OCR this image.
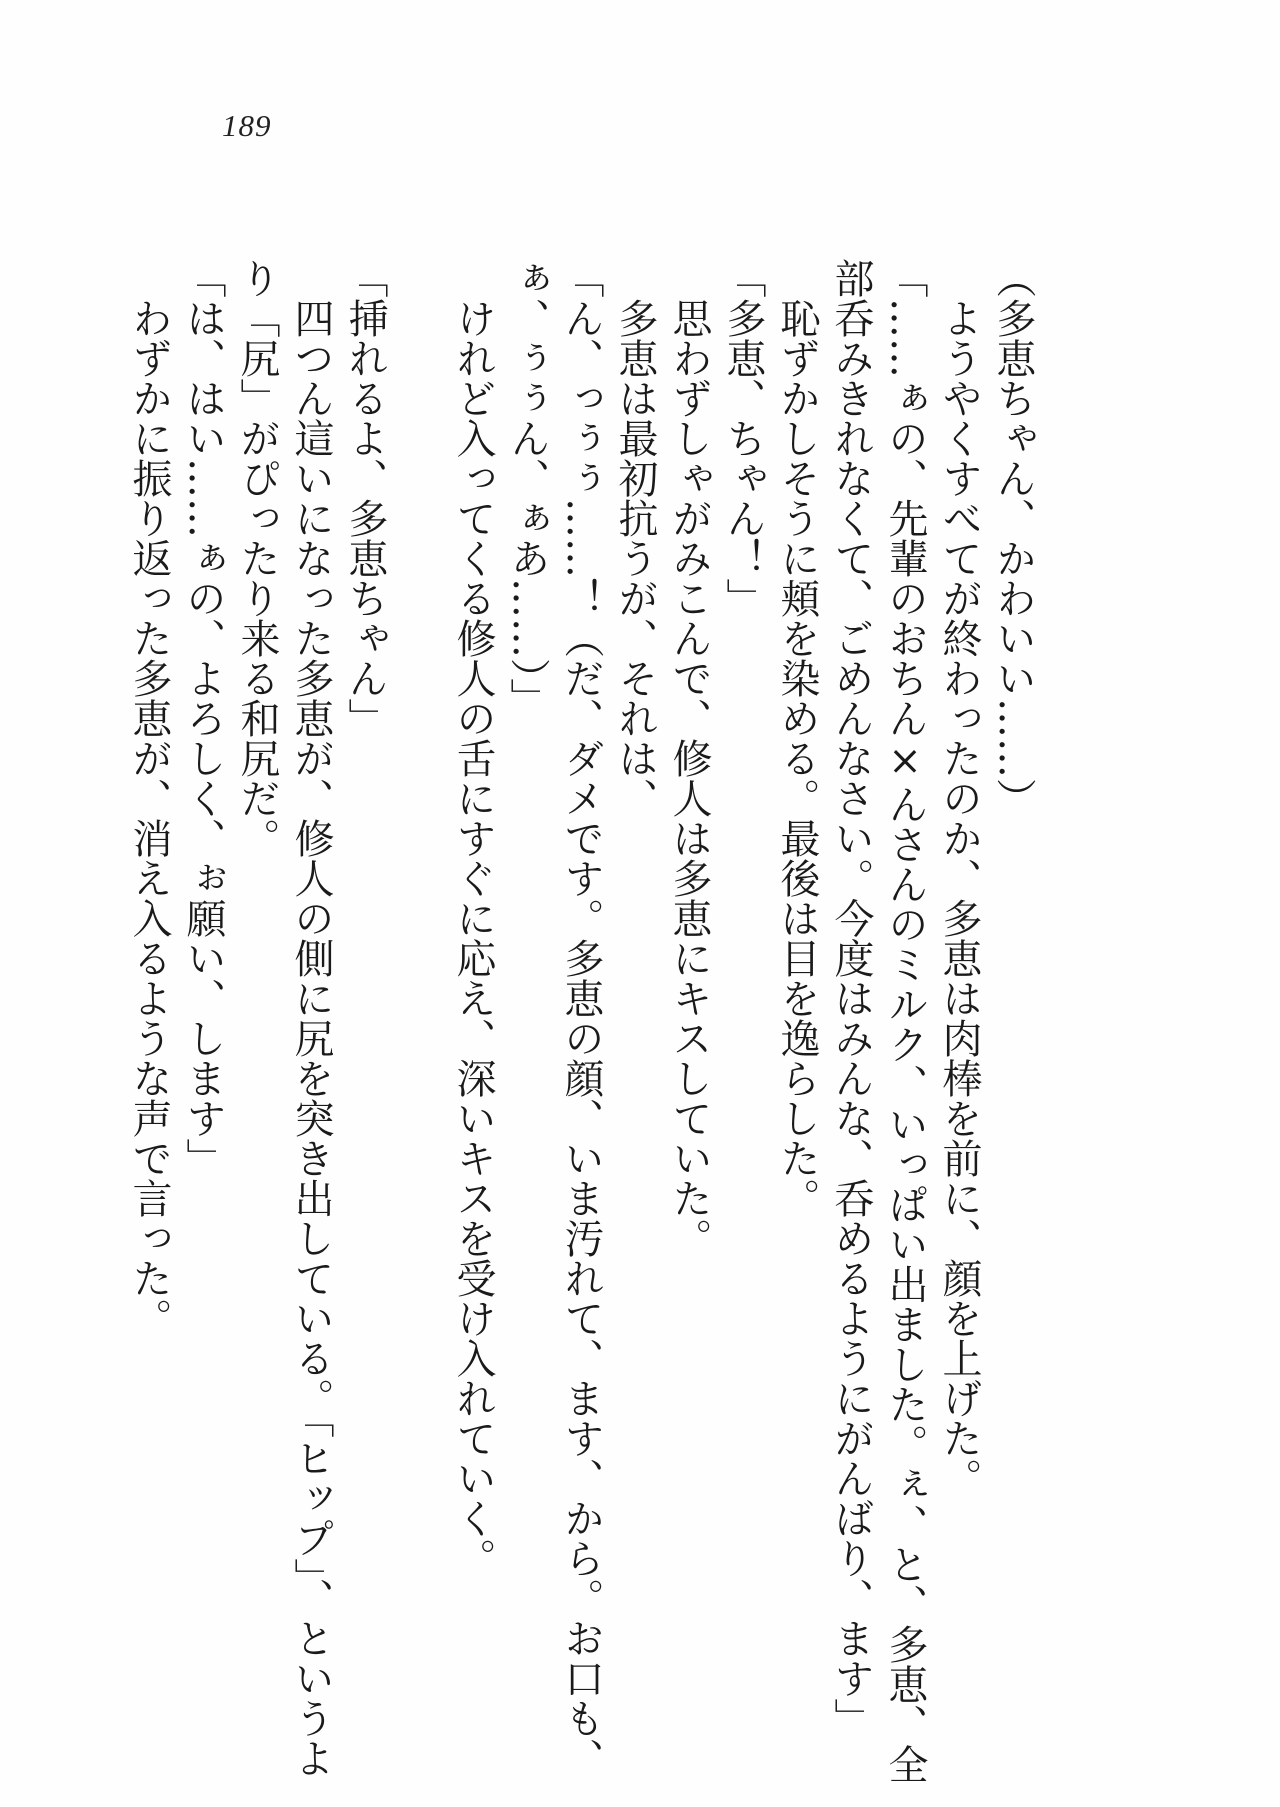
189
（多恵ちゃん、かわいい……）
　ようやくすべてが終わったのか、多恵は肉棒を前に、顔を上げた。
「……ぁの、先輩のおちん×んさんのミルク、いっぱい出ました。ぇ、と、多恵、全
部呑みきれなくて、ごめんなさい。今度はみんな、呑めるようにがんばり、ます」
　恥ずかしそうに頬を染める。最後は目を逸らした。
「多恵、ちゃん！」
　思わずしゃがみこんで、修人は多恵にキスしていた。
　多恵は最初抗うが、それは、
「ん、っぅぅ……！（だ、ダメです。多恵の顔、いま汚れて、ます、から。お口も、
ぁ、ぅぅん、ぁあ……）」
　けれど入ってくる修人の舌にすぐに応え、深いキスを受け入れていく。
「挿れるよ、多恵ちゃん」
　四つん這いになった多恵が、修人の側に尻を突き出している。「ヒップ」、というよ
り「尻」がぴったり来る和尻だ。
「は、はい……ぁの、よろしく、ぉ願い、します」
　わずかに振り返った多恵が、消え入るような声で言った。
